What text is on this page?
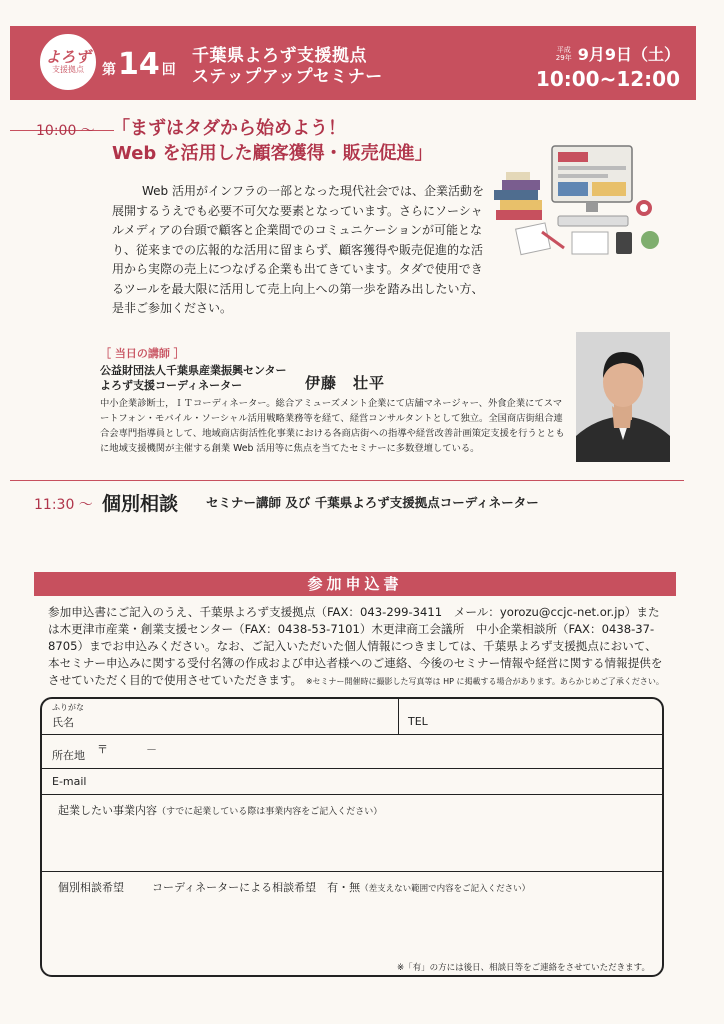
よろず
支援拠点 第 14 回
千葉県よろず支援拠点
ステップアップセミナー
平成
29年 9月9日（土）
10:00~12:00
10:00 ～ 「まずはタダから始めよう！
Web を活用した顧客獲得・販売促進」
Web 活用がインフラの一部となった現代社会では、企業活動を展開するうえでも必要不可欠な要素となっています。さらにソーシャルメディアの台頭で顧客と企業間でのコミュニケーションが可能となり、従来までの広報的な活用に留まらず、顧客獲得や販売促進的な活用から実際の売上につなげる企業も出てきています。タダで使用できるツールを最大限に活用して売上向上への第一歩を踏み出したい方、是非ご参加ください。
［ 当日の講師 ］
公益財団法人千葉県産業振興センター
よろず支援コーディネーター	伊藤　壮平
中小企業診断士，ＩＴコーディネーター。総合アミューズメント企業にて店舗マネージャー、外食企業にてスマートフォン・モバイル・ソーシャル活用戦略業務等を経て、経営コンサルタントとして独立。全国商店街組合連合会専門指導員として、地域商店街活性化事業における各商店街への指導や経営改善計画策定支援を行うとともに地域支援機関が主催する創業 Web 活用等に焦点を当てたセミナーに多数登壇している。
11:30 ～ 個別相談 セミナー講師 及び 千葉県よろず支援拠点コーディネーター
参加申込書
参加申込書にご記入のうえ、千葉県よろず支援拠点（FAX：043-299-3411　メール：yorozu@ccjc-net.or.jp）または木更津市産業・創業支援センター（FAX：0438-53-7101）木更津商工会議所　中小企業相談所（FAX：0438-37-8705）までお申込みください。なお、ご記入いただいた個人情報につきましては、千葉県よろず支援拠点において、本セミナー申込みに関する受付名簿の作成および申込者様へのご連絡、今後のセミナー情報や経営に関する情報提供をさせていただく目的で使用させていただきます。 ※セミナー開催時に撮影した写真等は HP に掲載する場合があります。あらかじめご了承ください。
ふりがな
氏名	TEL
所在地 〒	－
E-mail
起業したい事業内容（すでに起業している際は事業内容をご記入ください）
個別相談希望	コーディネーターによる相談希望　有・無（差支えない範囲で内容をご記入ください）
※「有」の方には後日、相談日等をご連絡をさせていただきます。
